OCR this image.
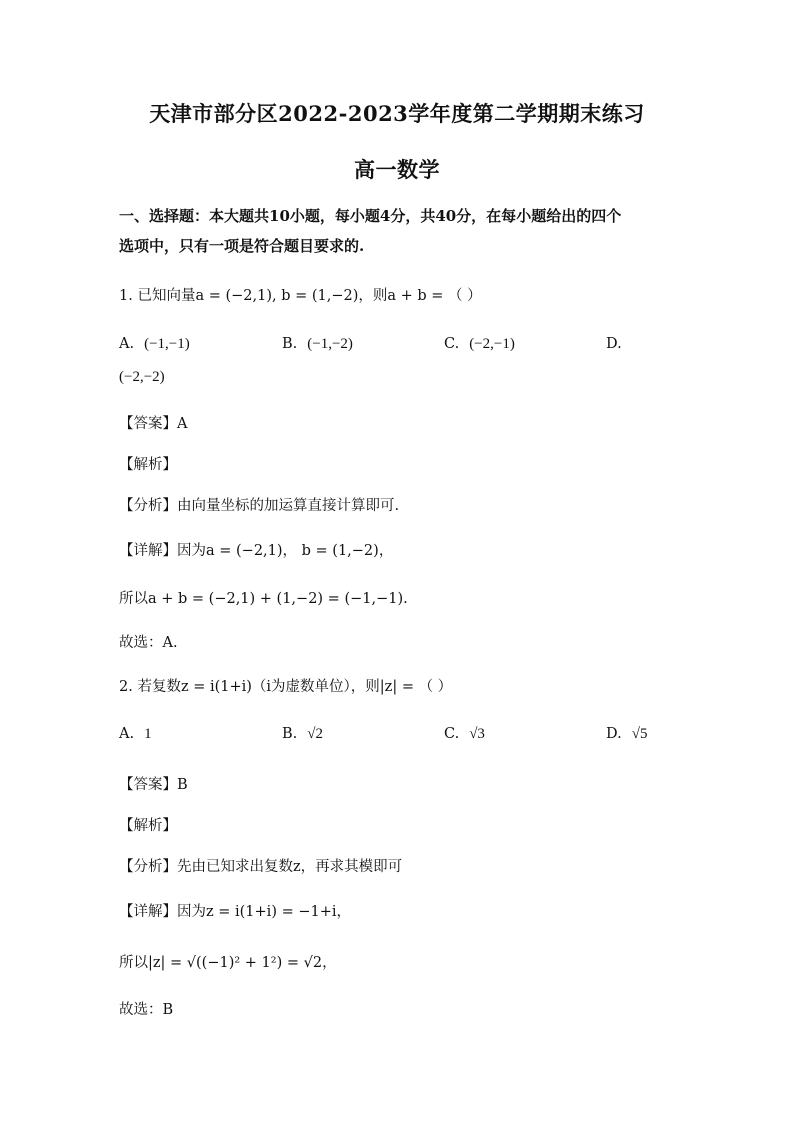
天津市部分区2022-2023学年度第二学期期末练习
高一数学
一、选择题：本大题共10小题，每小题4分，共40分，在每小题给出的四个
选项中，只有一项是符合题目要求的.
1. 已知向量a = (−2,1), b = (1,−2)，则a + b = （ ）
A. (−1,−1)	B. (−1,−2)	C. (−2,−1)	D.
(−2,−2)
【答案】A
【解析】
【分析】由向量坐标的加运算直接计算即可.
【详解】因为a = (−2,1)， b = (1,−2)，
所以a + b = (−2,1) + (1,−2) = (−1,−1).
故选：A.
2. 若复数z = i(1+i)（i为虚数单位），则|z| = （ ）
A. 1	B. √2	C. √3	D. √5
【答案】B
【解析】
【分析】先由已知求出复数z，再求其模即可
【详解】因为z = i(1+i) = −1+i，
所以|z| = √((−1)² + 1²) = √2，
故选：B
